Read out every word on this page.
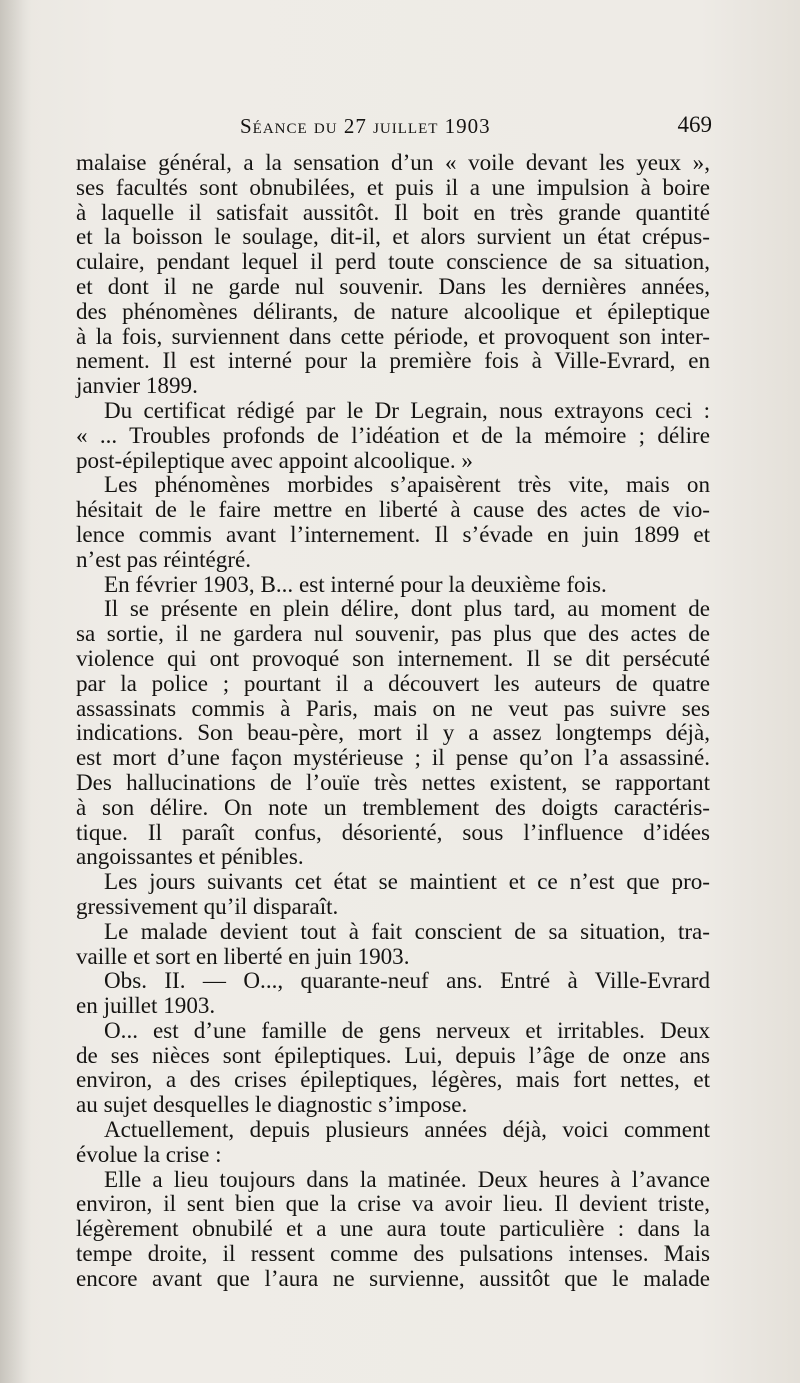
Séance du 27 juillet 1903	469
malaise général, a la sensation d’un « voile devant les yeux »,
ses facultés sont obnubilées, et puis il a une impulsion à boire
à laquelle il satisfait aussitôt. Il boit en très grande quantité
et la boisson le soulage, dit-il, et alors survient un état crépus-
culaire, pendant lequel il perd toute conscience de sa situation,
et dont il ne garde nul souvenir. Dans les dernières années,
des phénomènes délirants, de nature alcoolique et épileptique
à la fois, surviennent dans cette période, et provoquent son inter-
nement. Il est interné pour la première fois à Ville-Evrard, en
janvier 1899.
Du certificat rédigé par le Dr Legrain, nous extrayons ceci :
« ... Troubles profonds de l’idéation et de la mémoire ; délire
post-épileptique avec appoint alcoolique. »
Les phénomènes morbides s’apaisèrent très vite, mais on
hésitait de le faire mettre en liberté à cause des actes de vio-
lence commis avant l’internement. Il s’évade en juin 1899 et
n’est pas réintégré.
En février 1903, B... est interné pour la deuxième fois.
Il se présente en plein délire, dont plus tard, au moment de
sa sortie, il ne gardera nul souvenir, pas plus que des actes de
violence qui ont provoqué son internement. Il se dit persécuté
par la police ; pourtant il a découvert les auteurs de quatre
assassinats commis à Paris, mais on ne veut pas suivre ses
indications. Son beau-père, mort il y a assez longtemps déjà,
est mort d’une façon mystérieuse ; il pense qu’on l’a assassiné.
Des hallucinations de l’ouïe très nettes existent, se rapportant
à son délire. On note un tremblement des doigts caractéris-
tique. Il paraît confus, désorienté, sous l’influence d’idées
angoissantes et pénibles.
Les jours suivants cet état se maintient et ce n’est que pro-
gressivement qu’il disparaît.
Le malade devient tout à fait conscient de sa situation, tra-
vaille et sort en liberté en juin 1903.
Obs. II. — O..., quarante-neuf ans. Entré à Ville-Evrard
en juillet 1903.
O... est d’une famille de gens nerveux et irritables. Deux
de ses nièces sont épileptiques. Lui, depuis l’âge de onze ans
environ, a des crises épileptiques, légères, mais fort nettes, et
au sujet desquelles le diagnostic s’impose.
Actuellement, depuis plusieurs années déjà, voici comment
évolue la crise :
Elle a lieu toujours dans la matinée. Deux heures à l’avance
environ, il sent bien que la crise va avoir lieu. Il devient triste,
légèrement obnubilé et a une aura toute particulière : dans la
tempe droite, il ressent comme des pulsations intenses. Mais
encore avant que l’aura ne survienne, aussitôt que le malade
